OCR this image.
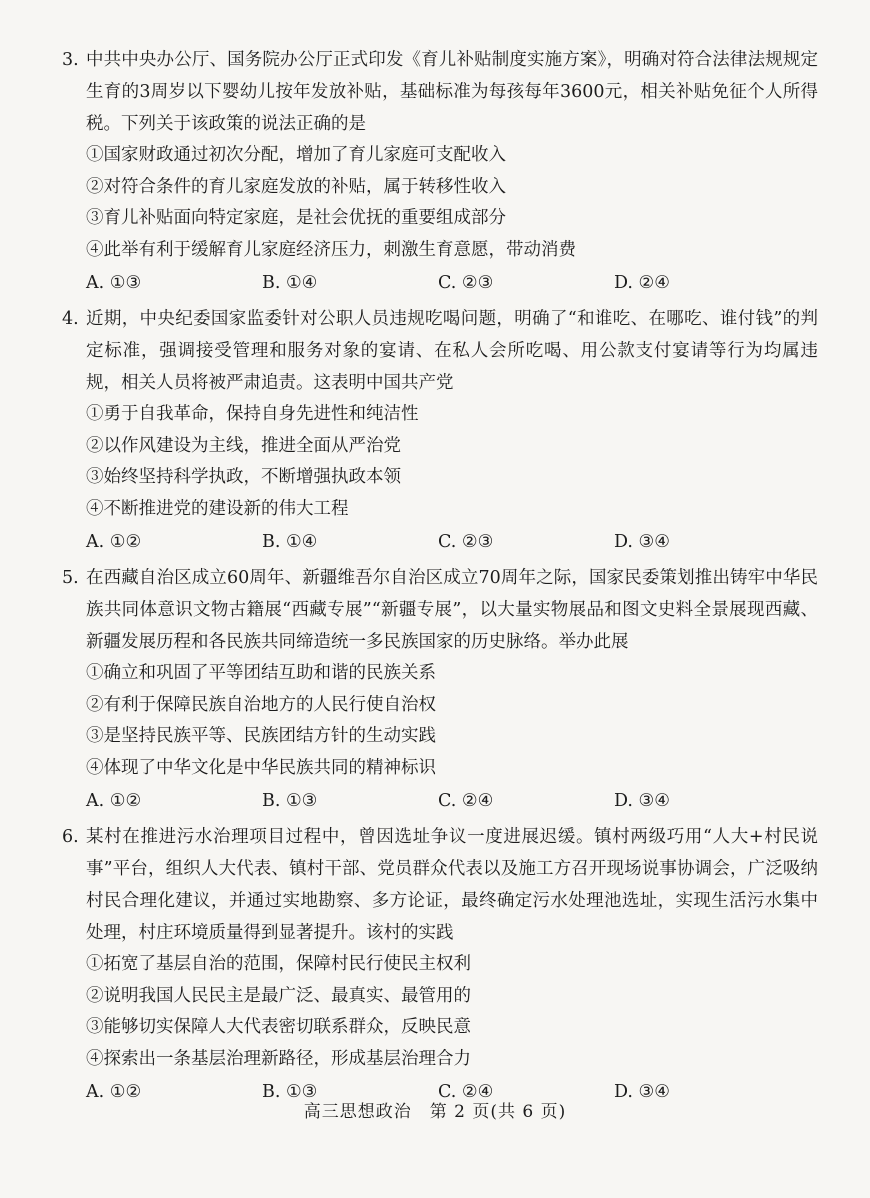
3. 中共中央办公厅、国务院办公厅正式印发《育儿补贴制度实施方案》，明确对符合法律法规规定生育的3周岁以下婴幼儿按年发放补贴，基础标准为每孩每年3600元，相关补贴免征个人所得税。下列关于该政策的说法正确的是

①国家财政通过初次分配，增加了育儿家庭可支配收入

②对符合条件的育儿家庭发放的补贴，属于转移性收入

③育儿补贴面向特定家庭，是社会优抚的重要组成部分

④此举有利于缓解育儿家庭经济压力，刺激生育意愿，带动消费

A. ①③	B. ①④	C. ②③	D. ②④

4. 近期，中央纪委国家监委针对公职人员违规吃喝问题，明确了“和谁吃、在哪吃、谁付钱”的判定标准，强调接受管理和服务对象的宴请、在私人会所吃喝、用公款支付宴请等行为均属违规，相关人员将被严肃追责。这表明中国共产党

①勇于自我革命，保持自身先进性和纯洁性

②以作风建设为主线，推进全面从严治党

③始终坚持科学执政，不断增强执政本领

④不断推进党的建设新的伟大工程

A. ①②	B. ①④	C. ②③	D. ③④

5. 在西藏自治区成立60周年、新疆维吾尔自治区成立70周年之际，国家民委策划推出铸牢中华民族共同体意识文物古籍展“西藏专展”“新疆专展”，以大量实物展品和图文史料全景展现西藏、新疆发展历程和各民族共同缔造统一多民族国家的历史脉络。举办此展

①确立和巩固了平等团结互助和谐的民族关系

②有利于保障民族自治地方的人民行使自治权

③是坚持民族平等、民族团结方针的生动实践

④体现了中华文化是中华民族共同的精神标识

A. ①②	B. ①③	C. ②④	D. ③④

6. 某村在推进污水治理项目过程中，曾因选址争议一度进展迟缓。镇村两级巧用“人大+村民说事”平台，组织人大代表、镇村干部、党员群众代表以及施工方召开现场说事协调会，广泛吸纳村民合理化建议，并通过实地勘察、多方论证，最终确定污水处理池选址，实现生活污水集中处理，村庄环境质量得到显著提升。该村的实践

①拓宽了基层自治的范围，保障村民行使民主权利

②说明我国人民民主是最广泛、最真实、最管用的

③能够切实保障人大代表密切联系群众，反映民意

④探索出一条基层治理新路径，形成基层治理合力

A. ①②	B. ①③	C. ②④	D. ③④
高三思想政治　第 2 页(共 6 页)
